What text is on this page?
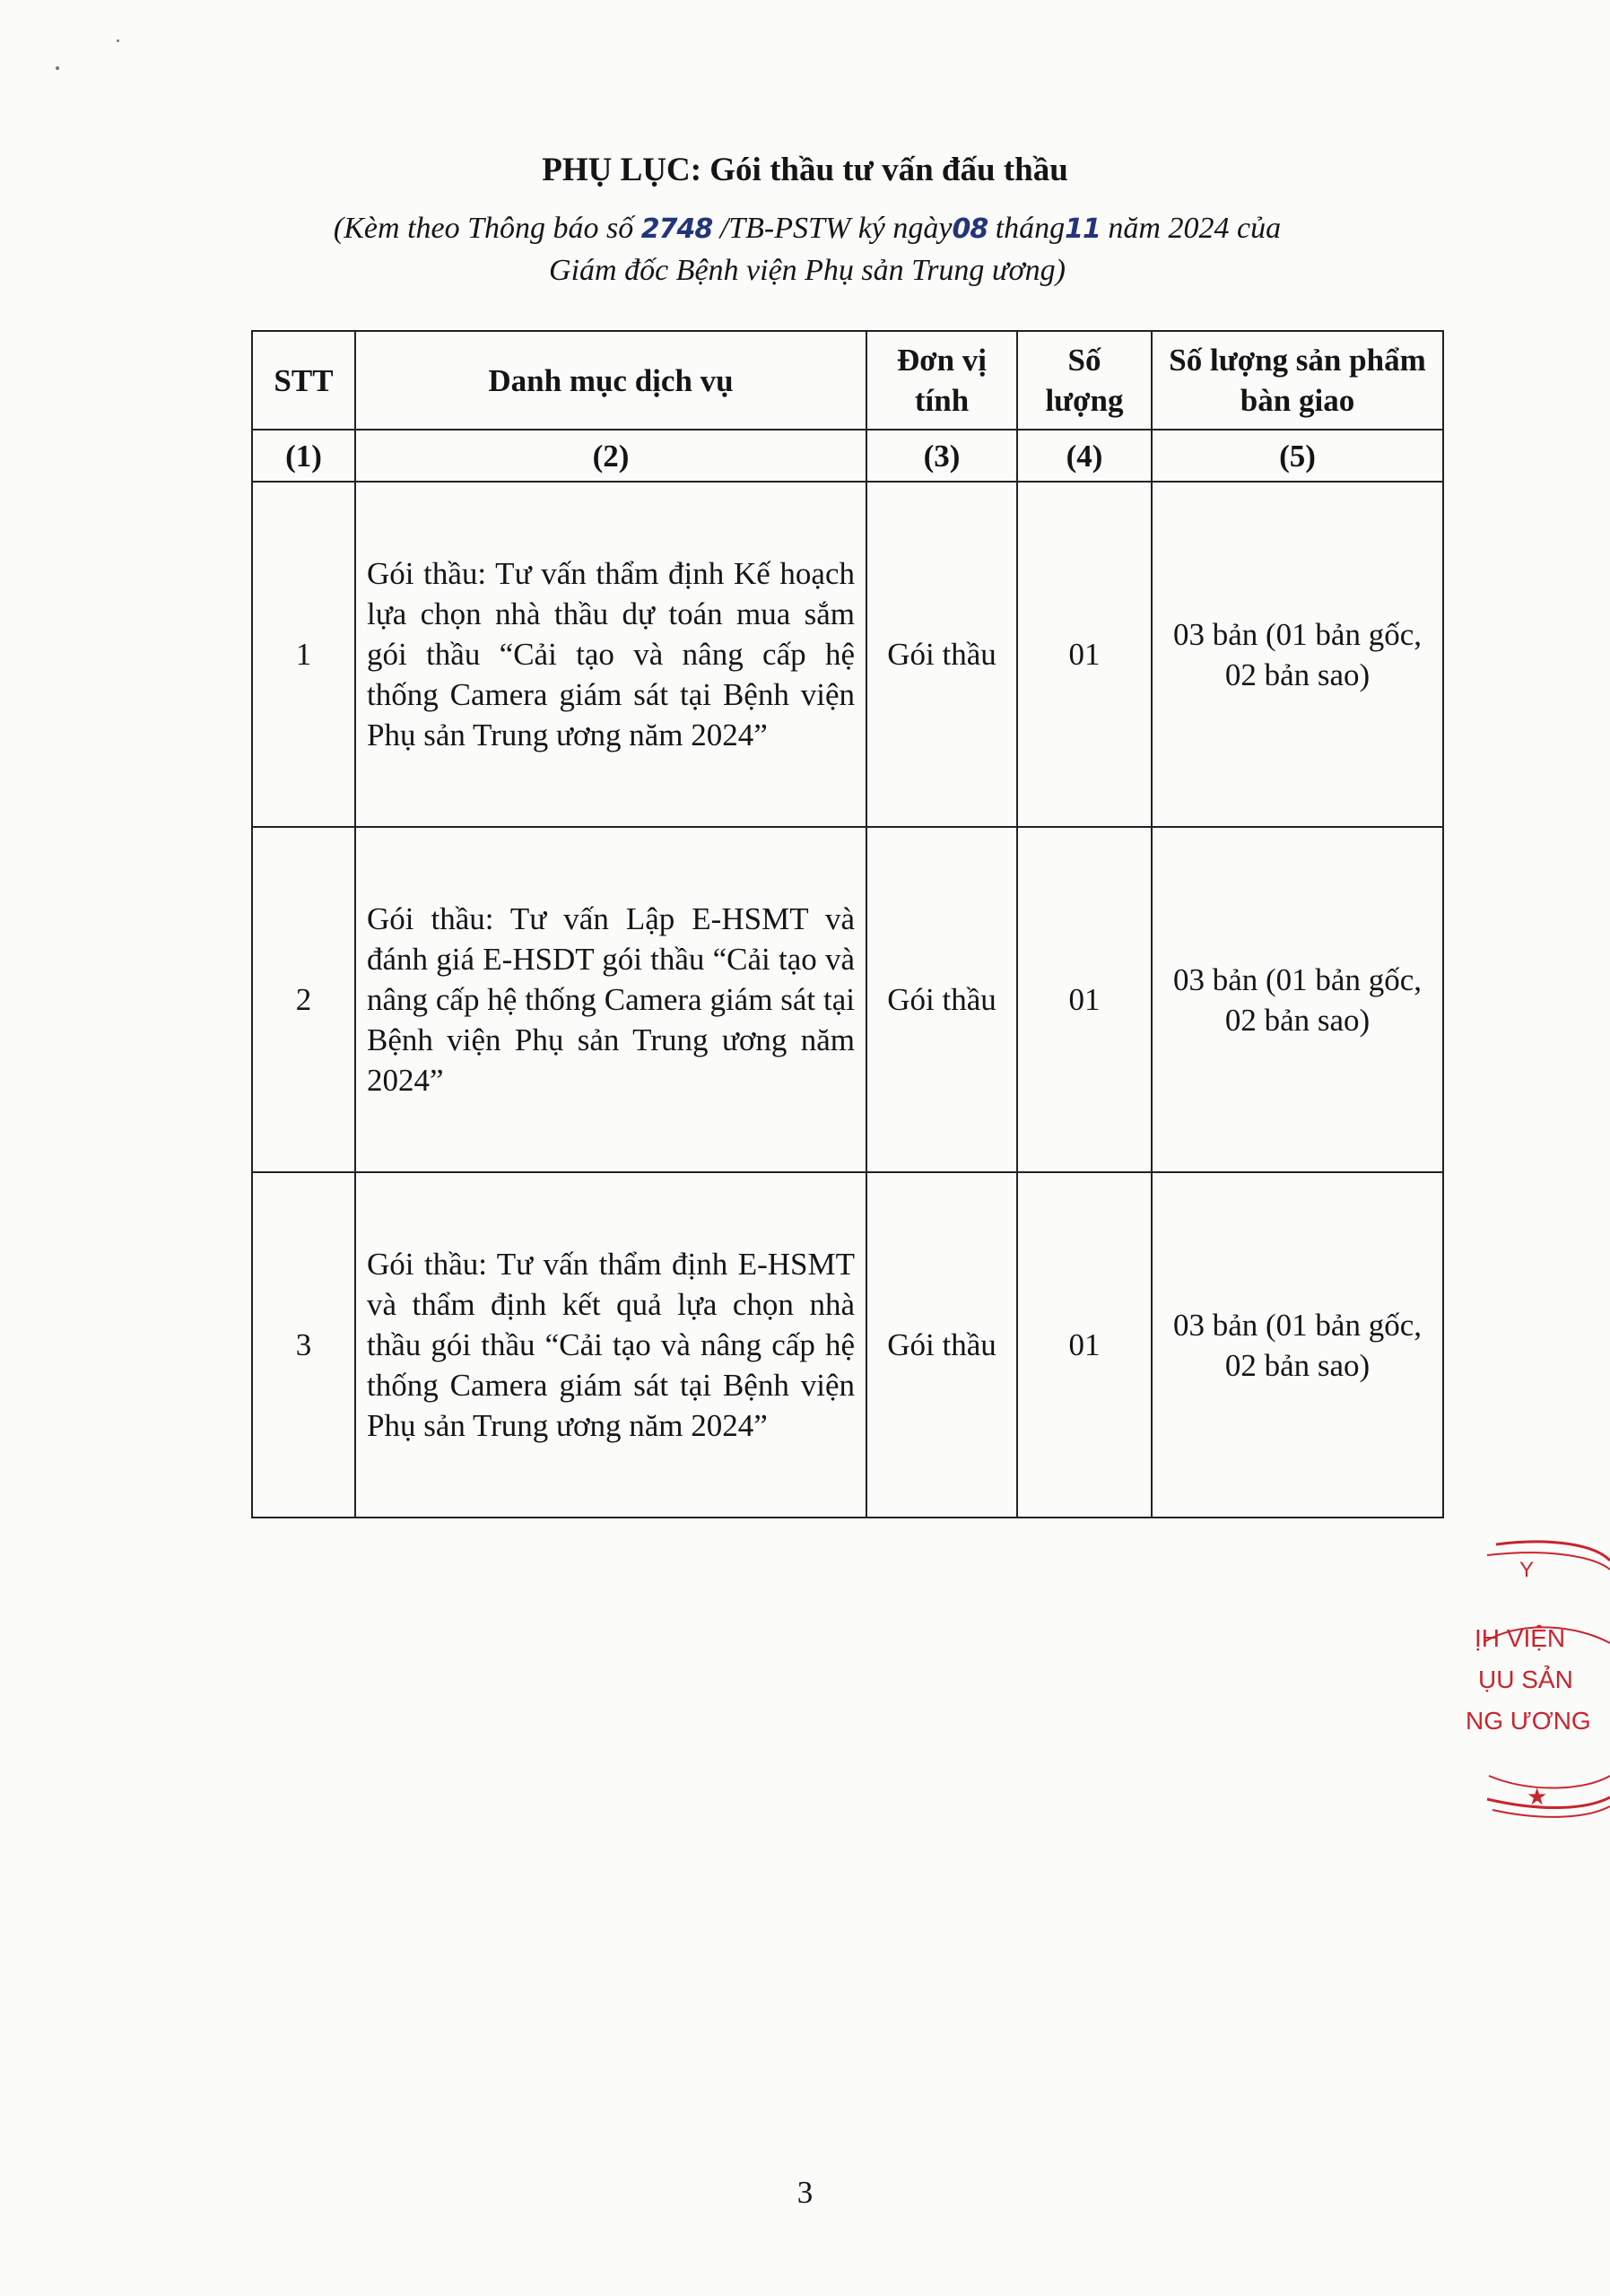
PHỤ LỤC: Gói thầu tư vấn đấu thầu
(Kèm theo Thông báo số 2748 /TB-PSTW ký ngày08 tháng11 năm 2024 của
Giám đốc Bệnh viện Phụ sản Trung ương)
STT	Danh mục dịch vụ	Đơn vị tính	Số lượng	Số lượng sản phẩm bàn giao
(1)	(2)	(3)	(4)	(5)
1	Gói thầu: Tư vấn thẩm định Kế hoạch lựa chọn nhà thầu dự toán mua sắm gói thầu “Cải tạo và nâng cấp hệ thống Camera giám sát tại Bệnh viện Phụ sản Trung ương năm 2024”	Gói thầu	01	03 bản (01 bản gốc, 02 bản sao)
2	Gói thầu: Tư vấn Lập E-HSMT và đánh giá E-HSDT gói thầu “Cải tạo và nâng cấp hệ thống Camera giám sát tại Bệnh viện Phụ sản Trung ương năm 2024”	Gói thầu	01	03 bản (01 bản gốc, 02 bản sao)
3	Gói thầu: Tư vấn thẩm định E-HSMT và thẩm định kết quả lựa chọn nhà thầu gói thầu “Cải tạo và nâng cấp hệ thống Camera giám sát tại Bệnh viện Phụ sản Trung ương năm 2024”	Gói thầu	01	03 bản (01 bản gốc, 02 bản sao)
Y
ỊH VIỆN
ỤU SẢN
NG ƯƠNG
★
3
